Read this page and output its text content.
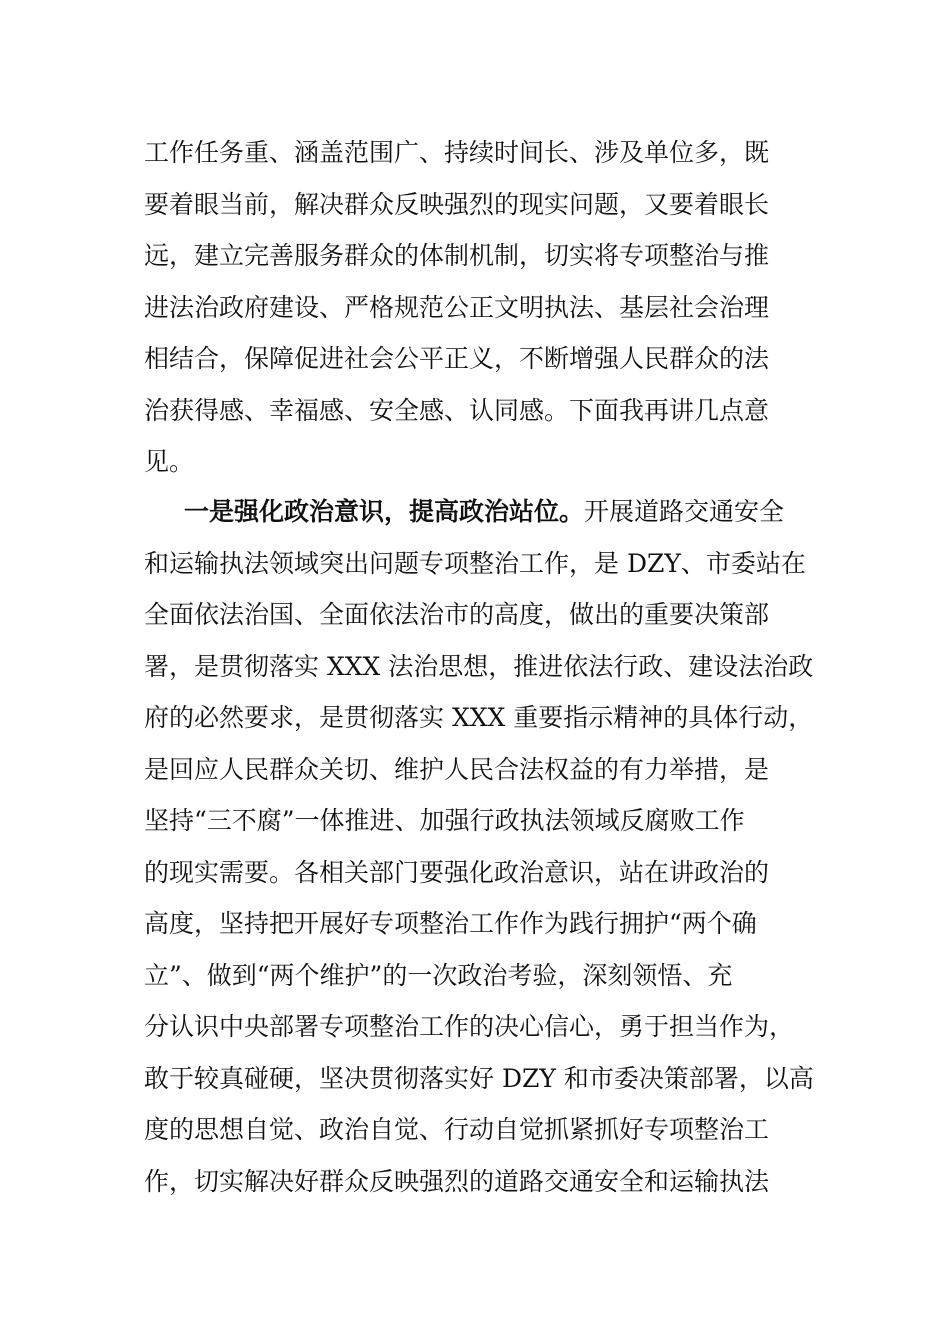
工作任务重、涵盖范围广、持续时间长、涉及单位多，既
要着眼当前，解决群众反映强烈的现实问题，又要着眼长
远，建立完善服务群众的体制机制，切实将专项整治与推
进法治政府建设、严格规范公正文明执法、基层社会治理
相结合，保障促进社会公平正义，不断增强人民群众的法
治获得感、幸福感、安全感、认同感。下面我再讲几点意
见。
一是强化政治意识，提高政治站位。开展道路交通安全
和运输执法领域突出问题专项整治工作，是 DZY、市委站在
全面依法治国、全面依法治市的高度，做出的重要决策部
署，是贯彻落实 XXX 法治思想，推进依法行政、建设法治政
府的必然要求，是贯彻落实 XXX 重要指示精神的具体行动，
是回应人民群众关切、维护人民合法权益的有力举措，是
坚持“三不腐”一体推进、加强行政执法领域反腐败工作
的现实需要。各相关部门要强化政治意识，站在讲政治的
高度，坚持把开展好专项整治工作作为践行拥护“两个确
立”、做到“两个维护”的一次政治考验，深刻领悟、充
分认识中央部署专项整治工作的决心信心，勇于担当作为，
敢于较真碰硬，坚决贯彻落实好 DZY 和市委决策部署，以高
度的思想自觉、政治自觉、行动自觉抓紧抓好专项整治工
作，切实解决好群众反映强烈的道路交通安全和运输执法
